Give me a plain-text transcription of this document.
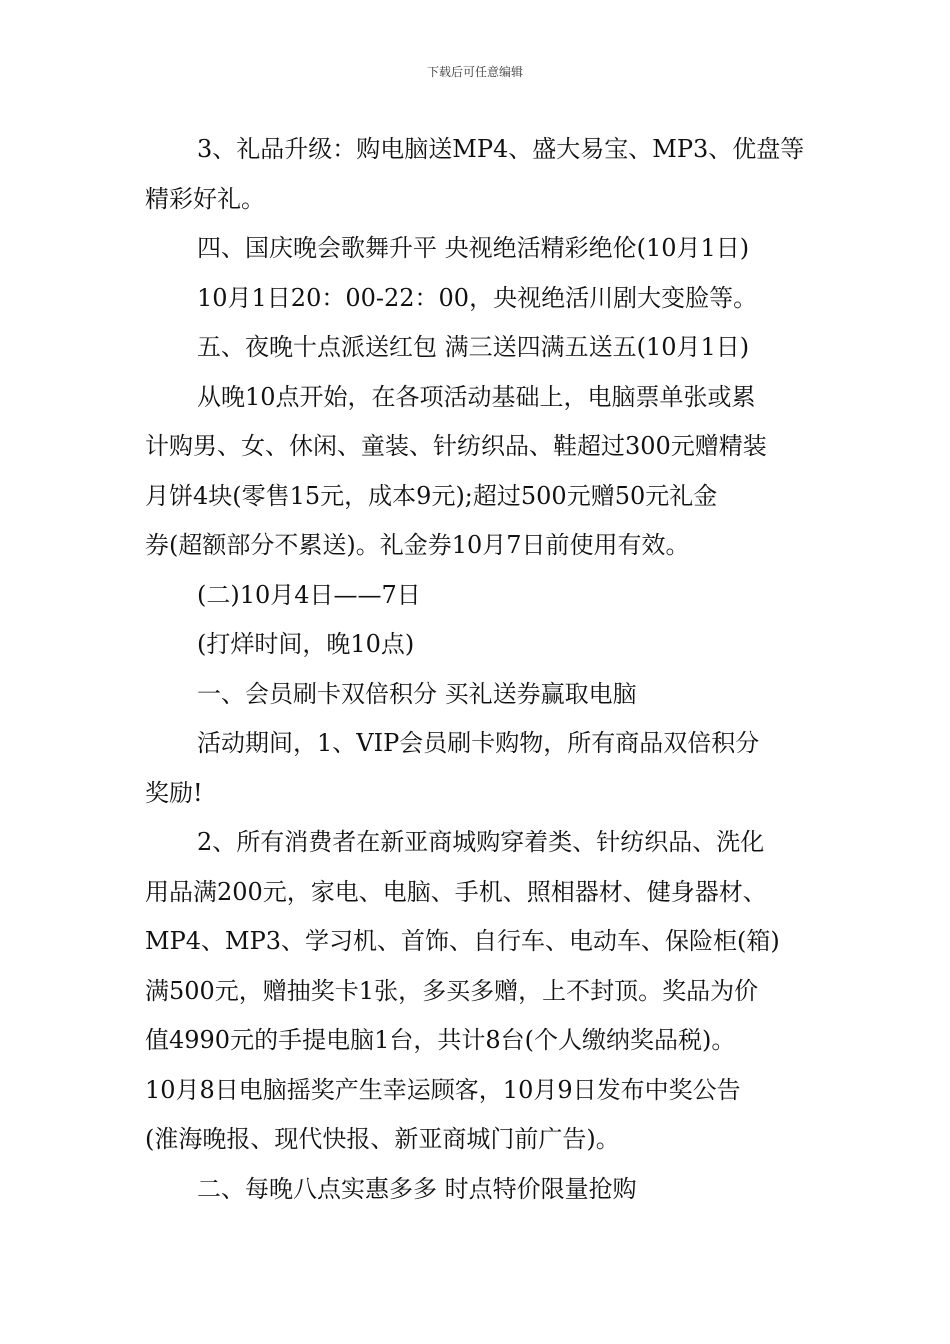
下载后可任意编辑
3、礼品升级：购电脑送MP4、盛大易宝、MP3、优盘等
精彩好礼。
四、国庆晚会歌舞升平 央视绝活精彩绝伦(10月1日)
10月1日20：00-22：00，央视绝活川剧大变脸等。
五、夜晚十点派送红包 满三送四满五送五(10月1日)
从晚10点开始，在各项活动基础上，电脑票单张或累
计购男、女、休闲、童装、针纺织品、鞋超过300元赠精装
月饼4块(零售15元，成本9元);超过500元赠50元礼金
券(超额部分不累送)。礼金券10月7日前使用有效。
(二)10月4日——7日
(打烊时间，晚10点)
一、会员刷卡双倍积分 买礼送券赢取电脑
活动期间，1、VIP会员刷卡购物，所有商品双倍积分
奖励!
2、所有消费者在新亚商城购穿着类、针纺织品、洗化
用品满200元，家电、电脑、手机、照相器材、健身器材、
MP4、MP3、学习机、首饰、自行车、电动车、保险柜(箱)
满500元，赠抽奖卡1张，多买多赠，上不封顶。奖品为价
值4990元的手提电脑1台，共计8台(个人缴纳奖品税)。
10月8日电脑摇奖产生幸运顾客，10月9日发布中奖公告
(淮海晚报、现代快报、新亚商城门前广告)。
二、每晚八点实惠多多 时点特价限量抢购
